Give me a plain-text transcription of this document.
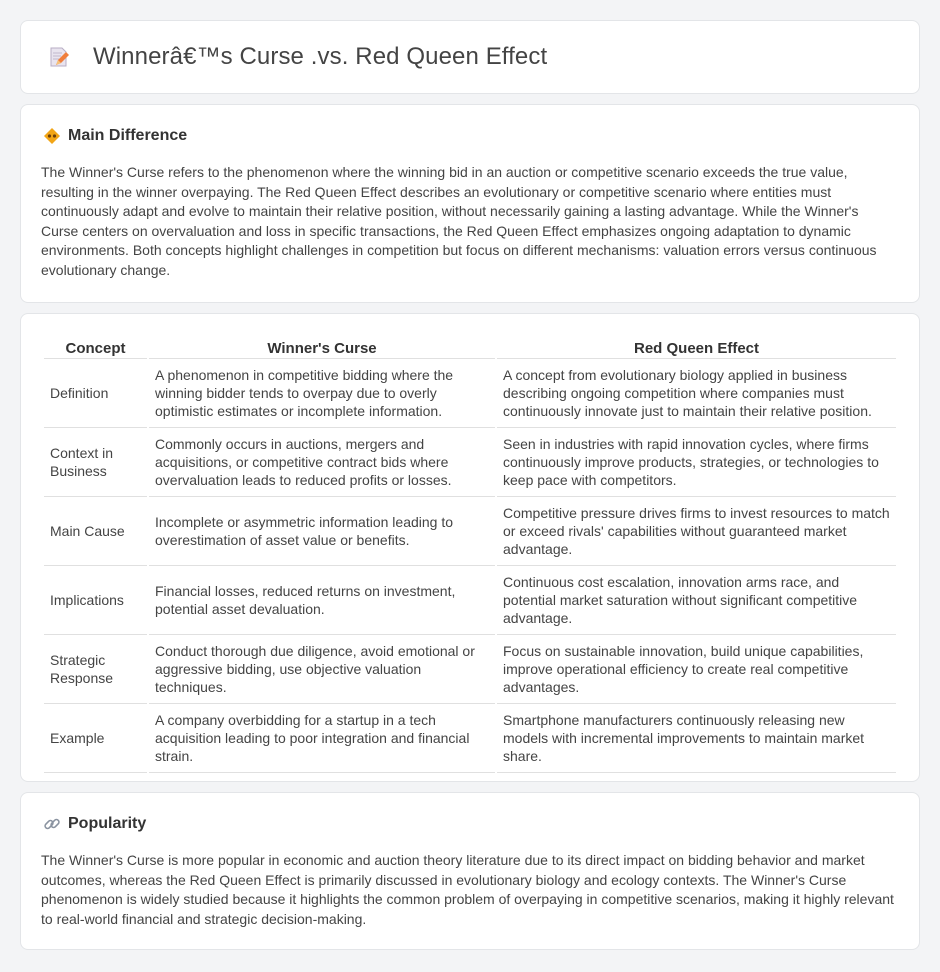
Winnerâ€™s Curse .vs. Red Queen Effect
Main Difference

The Winner's Curse refers to the phenomenon where the winning bid in an auction or competitive scenario exceeds the true value, resulting in the winner overpaying. The Red Queen Effect describes an evolutionary or competitive scenario where entities must continuously adapt and evolve to maintain their relative position, without necessarily gaining a lasting advantage. While the Winner's Curse centers on overvaluation and loss in specific transactions, the Red Queen Effect emphasizes ongoing adaptation to dynamic environments. Both concepts highlight challenges in competition but focus on different mechanisms: valuation errors versus continuous evolutionary change.

Concept	Winner's Curse	Red Queen Effect
Definition	A phenomenon in competitive bidding where the winning bidder tends to overpay due to overly optimistic estimates or incomplete information.	A concept from evolutionary biology applied in business describing ongoing competition where companies must continuously innovate just to maintain their relative position.
Context in Business	Commonly occurs in auctions, mergers and acquisitions, or competitive contract bids where overvaluation leads to reduced profits or losses.	Seen in industries with rapid innovation cycles, where firms continuously improve products, strategies, or technologies to keep pace with competitors.
Main Cause	Incomplete or asymmetric information leading to overestimation of asset value or benefits.	Competitive pressure drives firms to invest resources to match or exceed rivals' capabilities without guaranteed market advantage.
Implications	Financial losses, reduced returns on investment, potential asset devaluation.	Continuous cost escalation, innovation arms race, and potential market saturation without significant competitive advantage.
Strategic Response	Conduct thorough due diligence, avoid emotional or aggressive bidding, use objective valuation techniques.	Focus on sustainable innovation, build unique capabilities, improve operational efficiency to create real competitive advantages.
Example	A company overbidding for a startup in a tech acquisition leading to poor integration and financial strain.	Smartphone manufacturers continuously releasing new models with incremental improvements to maintain market share.
Popularity

The Winner's Curse is more popular in economic and auction theory literature due to its direct impact on bidding behavior and market outcomes, whereas the Red Queen Effect is primarily discussed in evolutionary biology and ecology contexts. The Winner's Curse phenomenon is widely studied because it highlights the common problem of overpaying in competitive scenarios, making it highly relevant to real-world financial and strategic decision-making.
